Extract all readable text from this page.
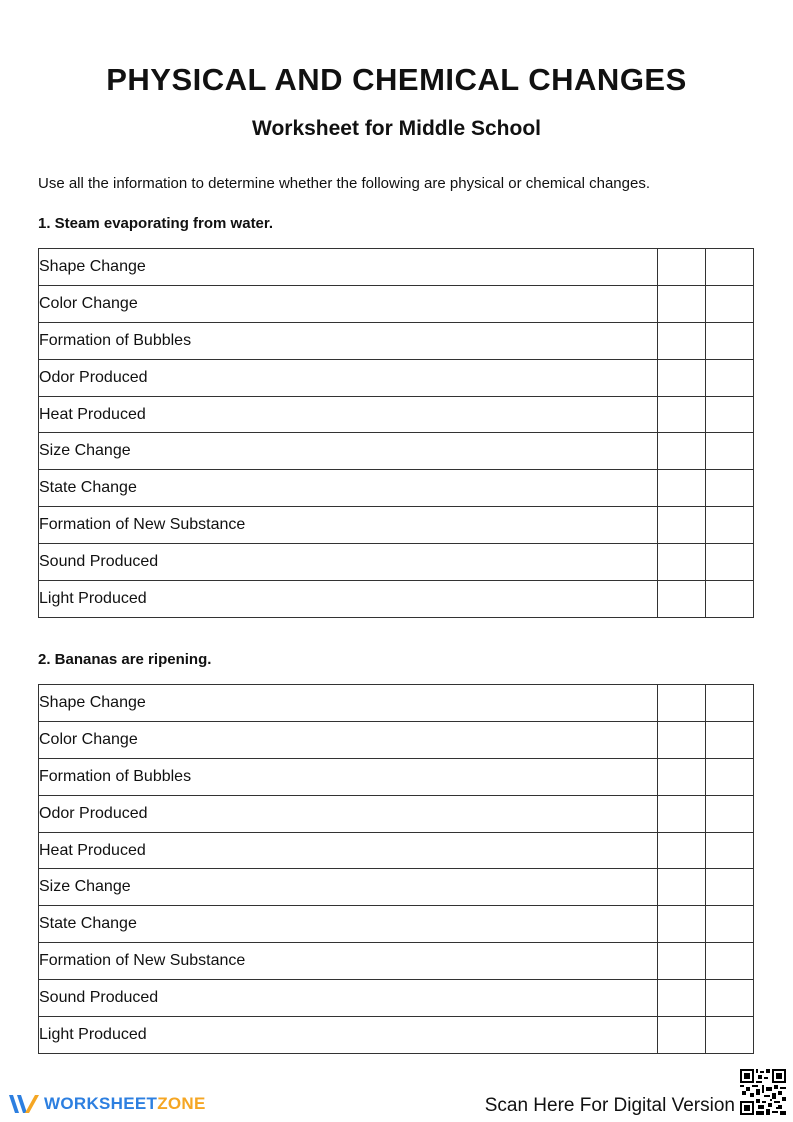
PHYSICAL AND CHEMICAL CHANGES
Worksheet for Middle School

Use all the information to determine whether the following are physical or chemical changes.

1. Steam evaporating from water.

Shape Change		
Color Change		
Formation of Bubbles		
Odor Produced		
Heat Produced		
Size Change		
State Change		
Formation of New Substance		
Sound Produced		
Light Produced		

2. Bananas are ripening.

Shape Change		
Color Change		
Formation of Bubbles		
Odor Produced		
Heat Produced		
Size Change		
State Change		
Formation of New Substance		
Sound Produced		
Light Produced		
WORKSHEETZONE	Scan Here For Digital Version
